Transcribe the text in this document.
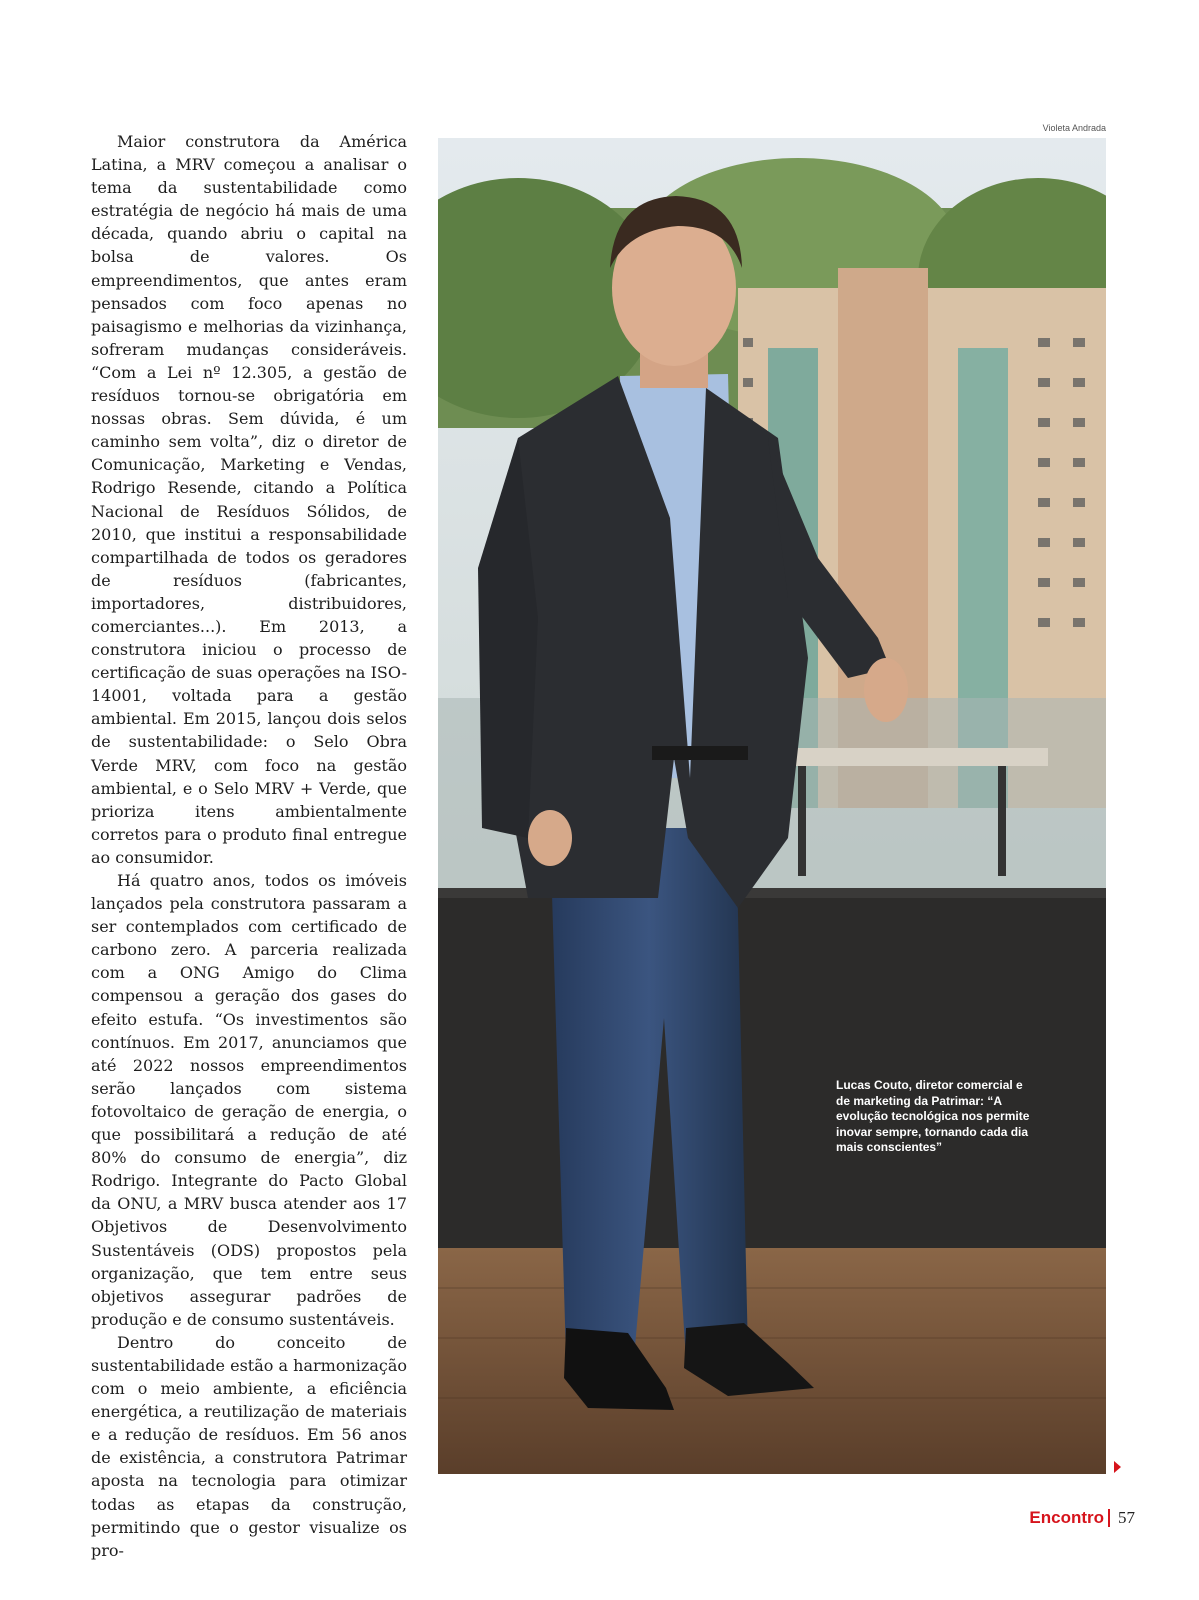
Maior construtora da América Latina, a MRV começou a analisar o tema da sustentabilidade como estratégia de negócio há mais de uma década, quando abriu o capital na bolsa de valores. Os empreendimentos, que antes eram pensados com foco apenas no paisagismo e melhorias da vizinhança, sofreram mudanças consideráveis. “Com a Lei nº 12.305, a gestão de resíduos tornou-se obrigatória em nossas obras. Sem dúvida, é um caminho sem volta”, diz o diretor de Comunicação, Marketing e Vendas, Rodrigo Resende, citando a Política Nacional de Resíduos Sólidos, de 2010, que institui a responsabilidade compartilhada de todos os geradores de resíduos (fabricantes, importadores, distribuidores, comerciantes...). Em 2013, a construtora iniciou o processo de certificação de suas operações na ISO-14001, voltada para a gestão ambiental. Em 2015, lançou dois selos de sustentabilidade: o Selo Obra Verde MRV, com foco na gestão ambiental, e o Selo MRV + Verde, que prioriza itens ambientalmente corretos para o produto final entregue ao consumidor.

Há quatro anos, todos os imóveis lançados pela construtora passaram a ser contemplados com certificado de carbono zero. A parceria realizada com a ONG Amigo do Clima compensou a geração dos gases do efeito estufa. “Os investimentos são contínuos. Em 2017, anunciamos que até 2022 nossos empreendimentos serão lançados com sistema fotovoltaico de geração de energia, o que possibilitará a redução de até 80% do consumo de energia”, diz Rodrigo. Integrante do Pacto Global da ONU, a MRV busca atender aos 17 Objetivos de Desenvolvimento Sustentáveis (ODS) propostos pela organização, que tem entre seus objetivos assegurar padrões de produção e de consumo sustentáveis.

Dentro do conceito de sustentabilidade estão a harmonização com o meio ambiente, a eficiência energética, a reutilização de materiais e a redução de resíduos. Em 56 anos de existência, a construtora Patrimar aposta na tecnologia para otimizar todas as etapas da construção, permitindo que o gestor visualize os pro-

Violeta Andrada
Lucas Couto, diretor comercial e de marketing da Patrimar: “A evolução tecnológica nos permite inovar sempre, tornando cada dia mais conscientes”
Encontro 57
